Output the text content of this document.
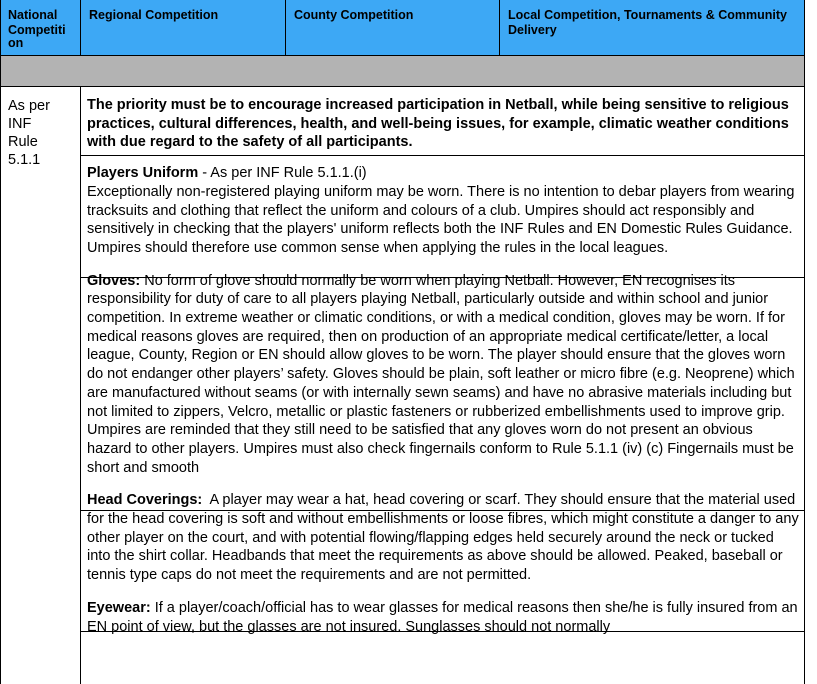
National
Competiti
on
Regional Competition	County Competition	Local Competition, Tournaments & Community
Delivery
As per
INF
Rule
5.1.1

The priority must be to encourage increased participation in Netball, while being sensitive to religious practices, cultural differences, health, and well-being issues, for example, climatic weather conditions with due regard to the safety of all participants.

Players Uniform - As per INF Rule 5.1.1.(i)
Exceptionally non-registered playing uniform may be worn. There is no intention to debar players from wearing tracksuits and clothing that reflect the uniform and colours of a club. Umpires should act responsibly and sensitively in checking that the players' uniform reflects both the INF Rules and EN Domestic Rules Guidance. Umpires should therefore use common sense when applying the rules in the local leagues.

Gloves: No form of glove should normally be worn when playing Netball. However, EN recognises its responsibility for duty of care to all players playing Netball, particularly outside and within school and junior competition. In extreme weather or climatic conditions, or with a medical condition, gloves may be worn. If for medical reasons gloves are required, then on production of an appropriate medical certificate/letter, a local league, County, Region or EN should allow gloves to be worn. The player should ensure that the gloves worn do not endanger other players’ safety. Gloves should be plain, soft leather or micro fibre (e.g. Neoprene) which are manufactured without seams (or with internally sewn seams) and have no abrasive materials including but not limited to zippers, Velcro, metallic or plastic fasteners or rubberized embellishments used to improve grip. Umpires are reminded that they still need to be satisfied that any gloves worn do not present an obvious hazard to other players. Umpires must also check fingernails conform to Rule 5.1.1 (iv) (c) Fingernails must be short and smooth

Head Coverings: A player may wear a hat, head covering or scarf. They should ensure that the material used for the head covering is soft and without embellishments or loose fibres, which might constitute a danger to any other player on the court, and with potential flowing/flapping edges held securely around the neck or tucked into the shirt collar. Headbands that meet the requirements as above should be allowed. Peaked, baseball or tennis type caps do not meet the requirements and are not permitted.

Eyewear: If a player/coach/official has to wear glasses for medical reasons then she/he is fully insured from an EN point of view, but the glasses are not insured. Sunglasses should not normally
